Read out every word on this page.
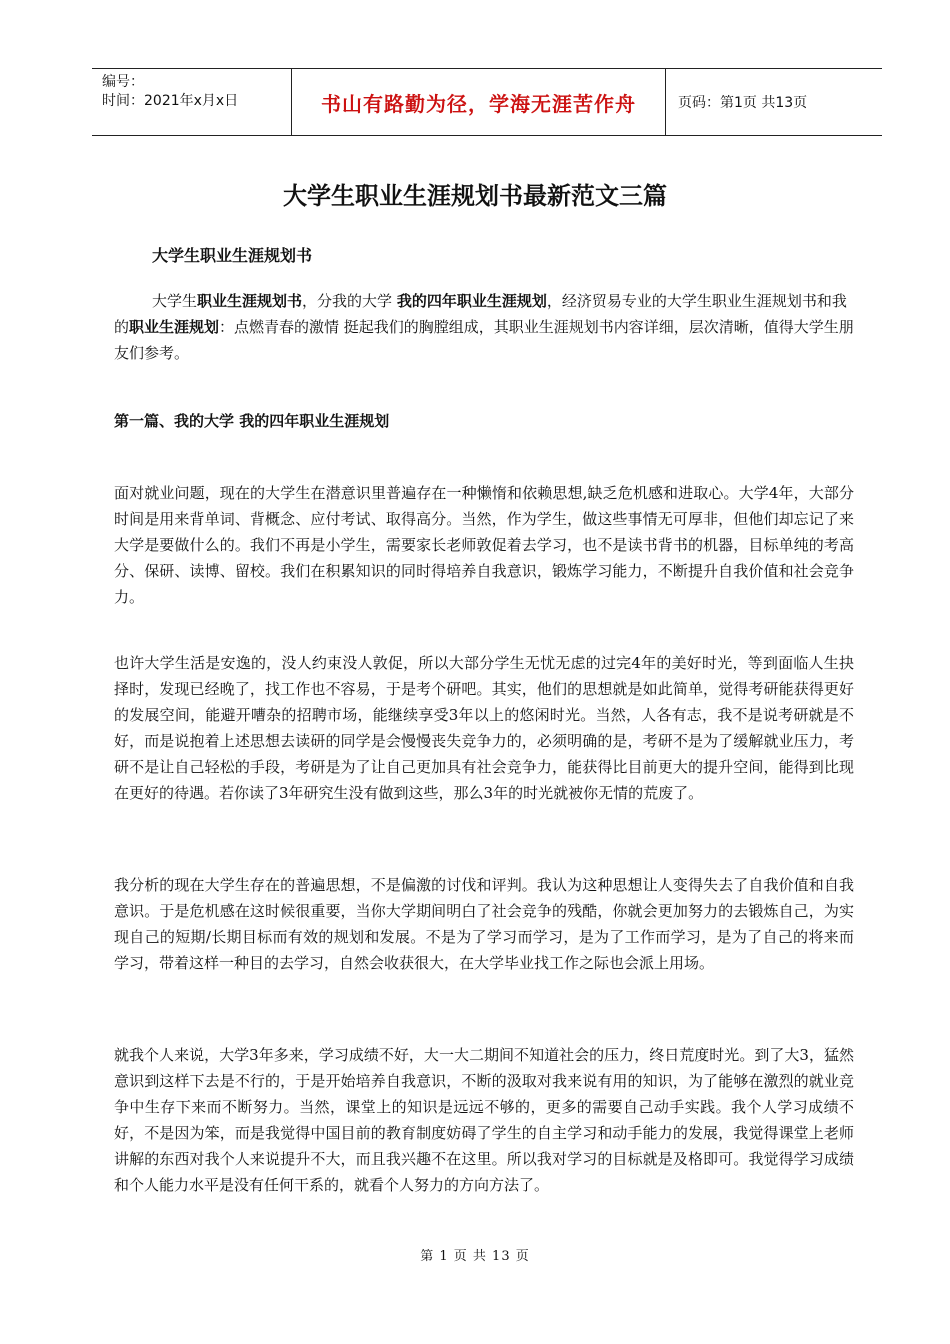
编号：
时间：2021年x月x日	书山有路勤为径，学海无涯苦作舟	页码：第1页 共13页
大学生职业生涯规划书最新范文三篇
大学生职业生涯规划书
大学生职业生涯规划书，分我的大学 我的四年职业生涯规划，经济贸易专业的大学生职业生涯规划书和我的职业生涯规划：点燃青春的激情 挺起我们的胸膛组成，其职业生涯规划书内容详细，层次清晰，值得大学生朋友们参考。
第一篇、我的大学 我的四年职业生涯规划
面对就业问题，现在的大学生在潜意识里普遍存在一种懒惰和依赖思想,缺乏危机感和进取心。大学4年，大部分时间是用来背单词、背概念、应付考试、取得高分。当然，作为学生，做这些事情无可厚非，但他们却忘记了来大学是要做什么的。我们不再是小学生，需要家长老师敦促着去学习，也不是读书背书的机器，目标单纯的考高分、保研、读博、留校。我们在积累知识的同时得培养自我意识，锻炼学习能力，不断提升自我价值和社会竞争力。
也许大学生活是安逸的，没人约束没人敦促，所以大部分学生无忧无虑的过完4年的美好时光，等到面临人生抉择时，发现已经晚了，找工作也不容易，于是考个研吧。其实，他们的思想就是如此简单，觉得考研能获得更好的发展空间，能避开嘈杂的招聘市场，能继续享受3年以上的悠闲时光。当然，人各有志，我不是说考研就是不好，而是说抱着上述思想去读研的同学是会慢慢丧失竞争力的，必须明确的是，考研不是为了缓解就业压力，考研不是让自己轻松的手段，考研是为了让自己更加具有社会竞争力，能获得比目前更大的提升空间，能得到比现在更好的待遇。若你读了3年研究生没有做到这些，那么3年的时光就被你无情的荒废了。
我分析的现在大学生存在的普遍思想，不是偏激的讨伐和评判。我认为这种思想让人变得失去了自我价值和自我意识。于是危机感在这时候很重要，当你大学期间明白了社会竞争的残酷，你就会更加努力的去锻炼自己，为实现自己的短期/长期目标而有效的规划和发展。不是为了学习而学习，是为了工作而学习，是为了自己的将来而学习，带着这样一种目的去学习，自然会收获很大，在大学毕业找工作之际也会派上用场。
就我个人来说，大学3年多来，学习成绩不好，大一大二期间不知道社会的压力，终日荒度时光。到了大3，猛然意识到这样下去是不行的，于是开始培养自我意识，不断的汲取对我来说有用的知识，为了能够在激烈的就业竞争中生存下来而不断努力。当然，课堂上的知识是远远不够的，更多的需要自己动手实践。我个人学习成绩不好，不是因为笨，而是我觉得中国目前的教育制度妨碍了学生的自主学习和动手能力的发展，我觉得课堂上老师讲解的东西对我个人来说提升不大，而且我兴趣不在这里。所以我对学习的目标就是及格即可。我觉得学习成绩和个人能力水平是没有任何干系的，就看个人努力的方向方法了。
第 1 页 共 13 页
